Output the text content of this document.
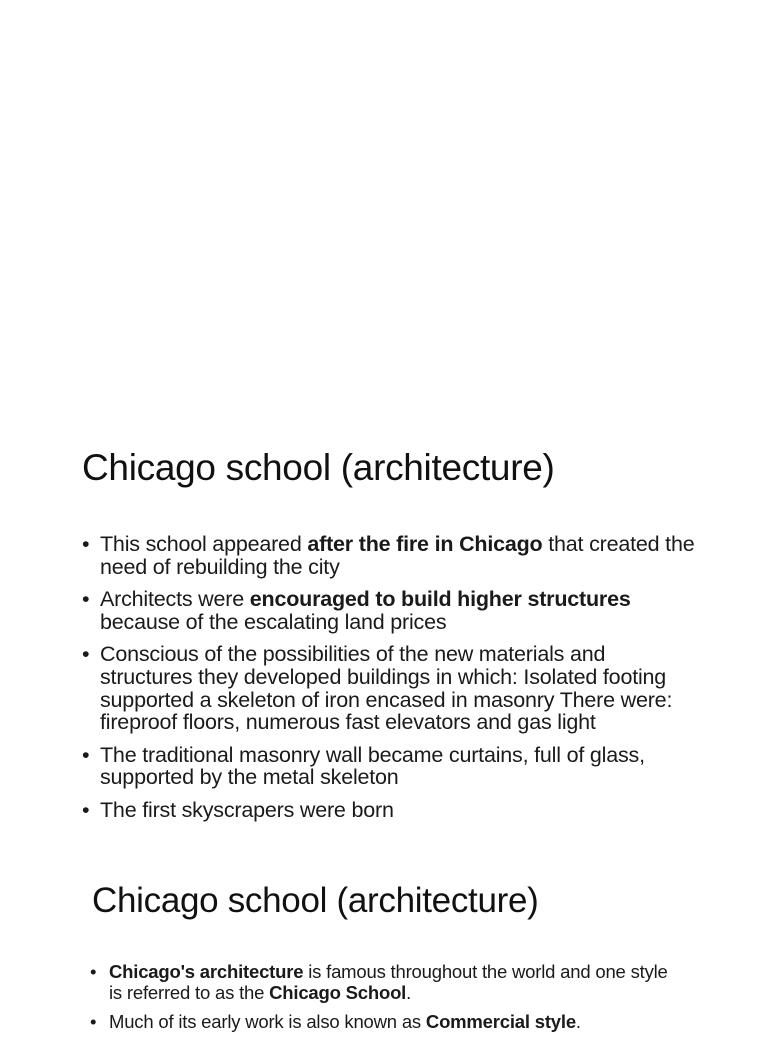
Chicago school (architecture)
• This school appeared after the fire in Chicago that created the need of rebuilding the city
• Architects were encouraged to build higher structures because of the escalating land prices
• Conscious of the possibilities of the new materials and structures they developed buildings in which: Isolated footing supported a skeleton of iron encased in masonry There were: fireproof floors, numerous fast elevators and gas light
• The traditional masonry wall became curtains, full of glass, supported by the metal skeleton
• The first skyscrapers were born
Chicago school (architecture)
• Chicago's architecture is famous throughout the world and one style is referred to as the Chicago School.
• Much of its early work is also known as Commercial style.
